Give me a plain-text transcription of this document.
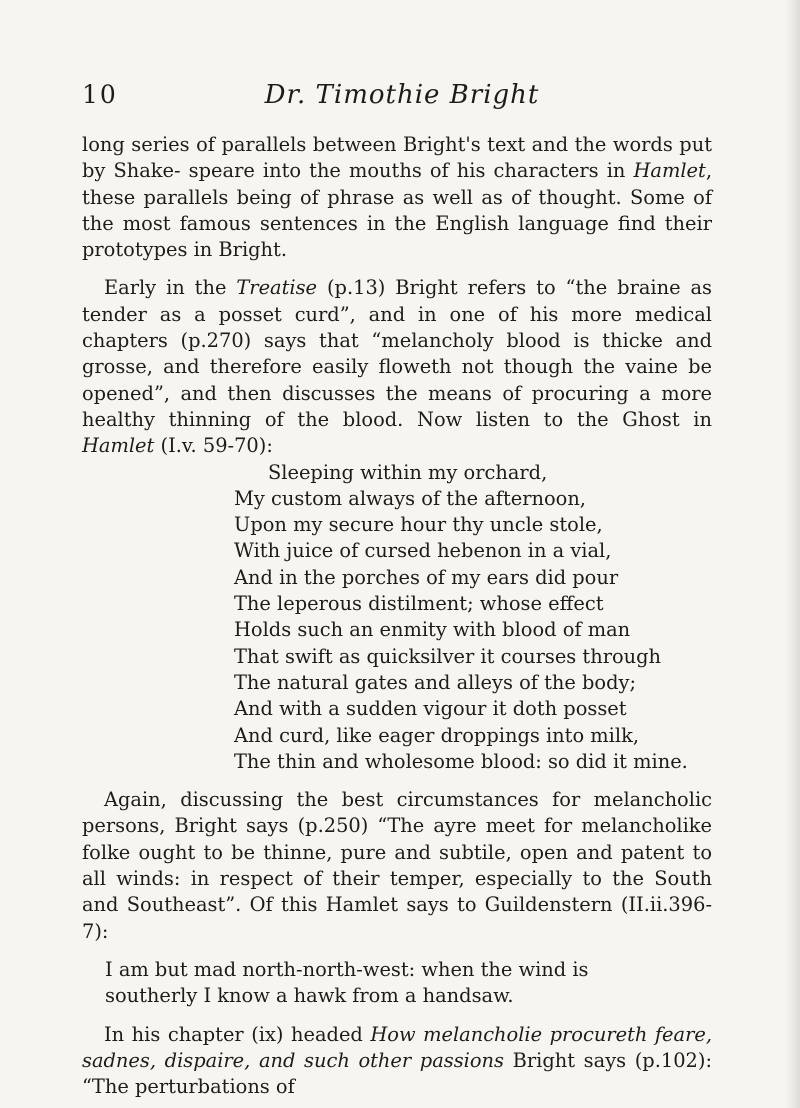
10	Dr. Timothie Bright

long series of parallels between Bright's text and the words put by Shake- speare into the mouths of his characters in Hamlet, these parallels being of phrase as well as of thought. Some of the most famous sentences in the English language find their prototypes in Bright.

Early in the Treatise (p.13) Bright refers to “the braine as tender as a posset curd”, and in one of his more medical chapters (p.270) says that “melancholy blood is thicke and grosse, and therefore easily floweth not though the vaine be opened”, and then discusses the means of procuring a more healthy thinning of the blood. Now listen to the Ghost in Hamlet (I.v. 59-70):

Sleeping within my orchard,
My custom always of the afternoon,
Upon my secure hour thy uncle stole,
With juice of cursed hebenon in a vial,
And in the porches of my ears did pour
The leperous distilment; whose effect
Holds such an enmity with blood of man
That swift as quicksilver it courses through
The natural gates and alleys of the body;
And with a sudden vigour it doth posset
And curd, like eager droppings into milk,
The thin and wholesome blood: so did it mine.

Again, discussing the best circumstances for melancholic persons, Bright says (p.250) “The ayre meet for melancholike folke ought to be thinne, pure and subtile, open and patent to all winds: in respect of their temper, especially to the South and Southeast”. Of this Hamlet says to Guildenstern (II.ii.396-7):

I am but mad north-north-west: when the wind is
southerly I know a hawk from a handsaw.

In his chapter (ix) headed How melancholie procureth feare, sadnes, dispaire, and such other passions Bright says (p.102): “The perturbations of
